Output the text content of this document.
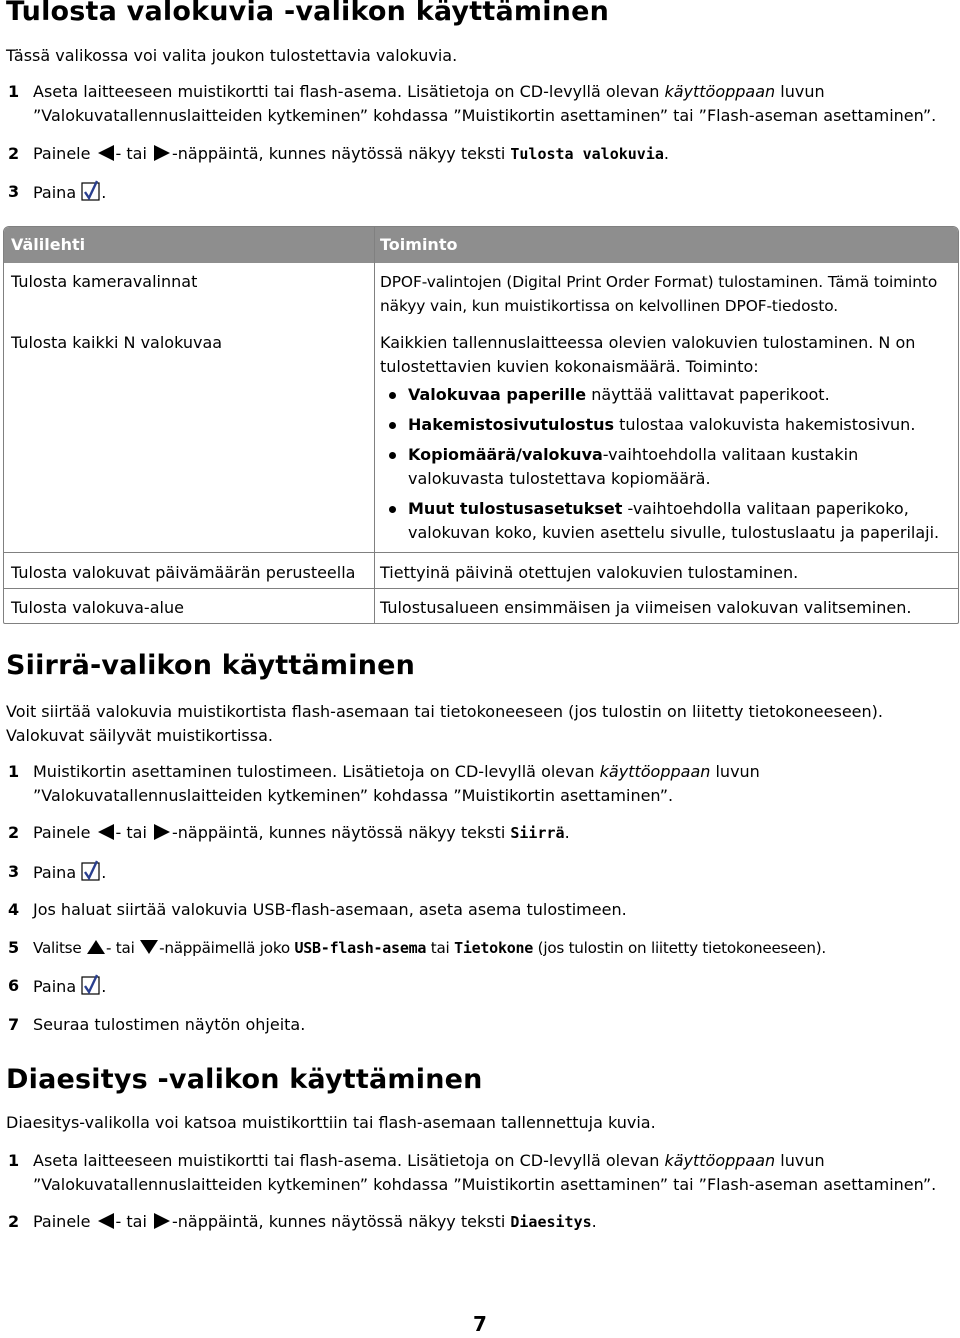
Tulosta valokuvia -valikon käyttäminen

Tässä valikossa voi valita joukon tulostettavia valokuvia.

1 Aseta laitteeseen muistikortti tai flash-asema. Lisätietoja on CD-levyllä olevan käyttöoppaan luvun ”Valokuvatallennuslaitteiden kytkeminen” kohdassa ”Muistikortin asettaminen” tai ”Flash-aseman asettaminen”.
2 Painele
- tai
-näppäintä, kunnes näytössä näkyy teksti Tulosta valokuvia.
3 Paina
.
Välilehti	Toiminto
Tulosta kameravalinnat	DPOF-valintojen (Digital Print Order Format) tulostaminen. Tämä toiminto näkyy vain, kun muistikortissa on kelvollinen DPOF-tiedosto.
Tulosta kaikki N valokuvaa	Kaikkien tallennuslaitteessa olevien valokuvien tulostaminen. N on tulostettavien kuvien kokonaismäärä. Toiminto:
Valokuvaa paperille näyttää valittavat paperikoot.
Hakemistosivutulostus tulostaa valokuvista hakemistosivun.
Kopiomäärä/valokuva-vaihtoehdolla valitaan kustakin valokuvasta tulostettava kopiomäärä.
Muut tulostusasetukset -vaihtoehdolla valitaan paperikoko, valokuvan koko, kuvien asettelu sivulle, tulostuslaatu ja paperilaji.
Tulosta valokuvat päivämäärän perusteella	Tiettyinä päivinä otettujen valokuvien tulostaminen.
Tulosta valokuva-alue	Tulostusalueen ensimmäisen ja viimeisen valokuvan valitseminen.
Siirrä-valikon käyttäminen

Voit siirtää valokuvia muistikortista flash-asemaan tai tietokoneeseen (jos tulostin on liitetty tietokoneeseen). Valokuvat säilyvät muistikortissa.

1 Muistikortin asettaminen tulostimeen. Lisätietoja on CD-levyllä olevan käyttöoppaan luvun ”Valokuvatallennuslaitteiden kytkeminen” kohdassa ”Muistikortin asettaminen”.
2 Painele
- tai
-näppäintä, kunnes näytössä näkyy teksti Siirrä.
3 Paina
.
4 Jos haluat siirtää valokuvia USB-flash-asemaan, aseta asema tulostimeen.
5 Valitse
- tai
-näppäimellä joko USB-flash-asema tai Tietokone (jos tulostin on liitetty tietokoneeseen).
6 Paina
.
7 Seuraa tulostimen näytön ohjeita.
Diaesitys -valikon käyttäminen

Diaesitys-valikolla voi katsoa muistikorttiin tai flash-asemaan tallennettuja kuvia.

1 Aseta laitteeseen muistikortti tai flash-asema. Lisätietoja on CD-levyllä olevan käyttöoppaan luvun ”Valokuvatallennuslaitteiden kytkeminen” kohdassa ”Muistikortin asettaminen” tai ”Flash-aseman asettaminen”.
2 Painele
- tai
-näppäintä, kunnes näytössä näkyy teksti Diaesitys.
7
